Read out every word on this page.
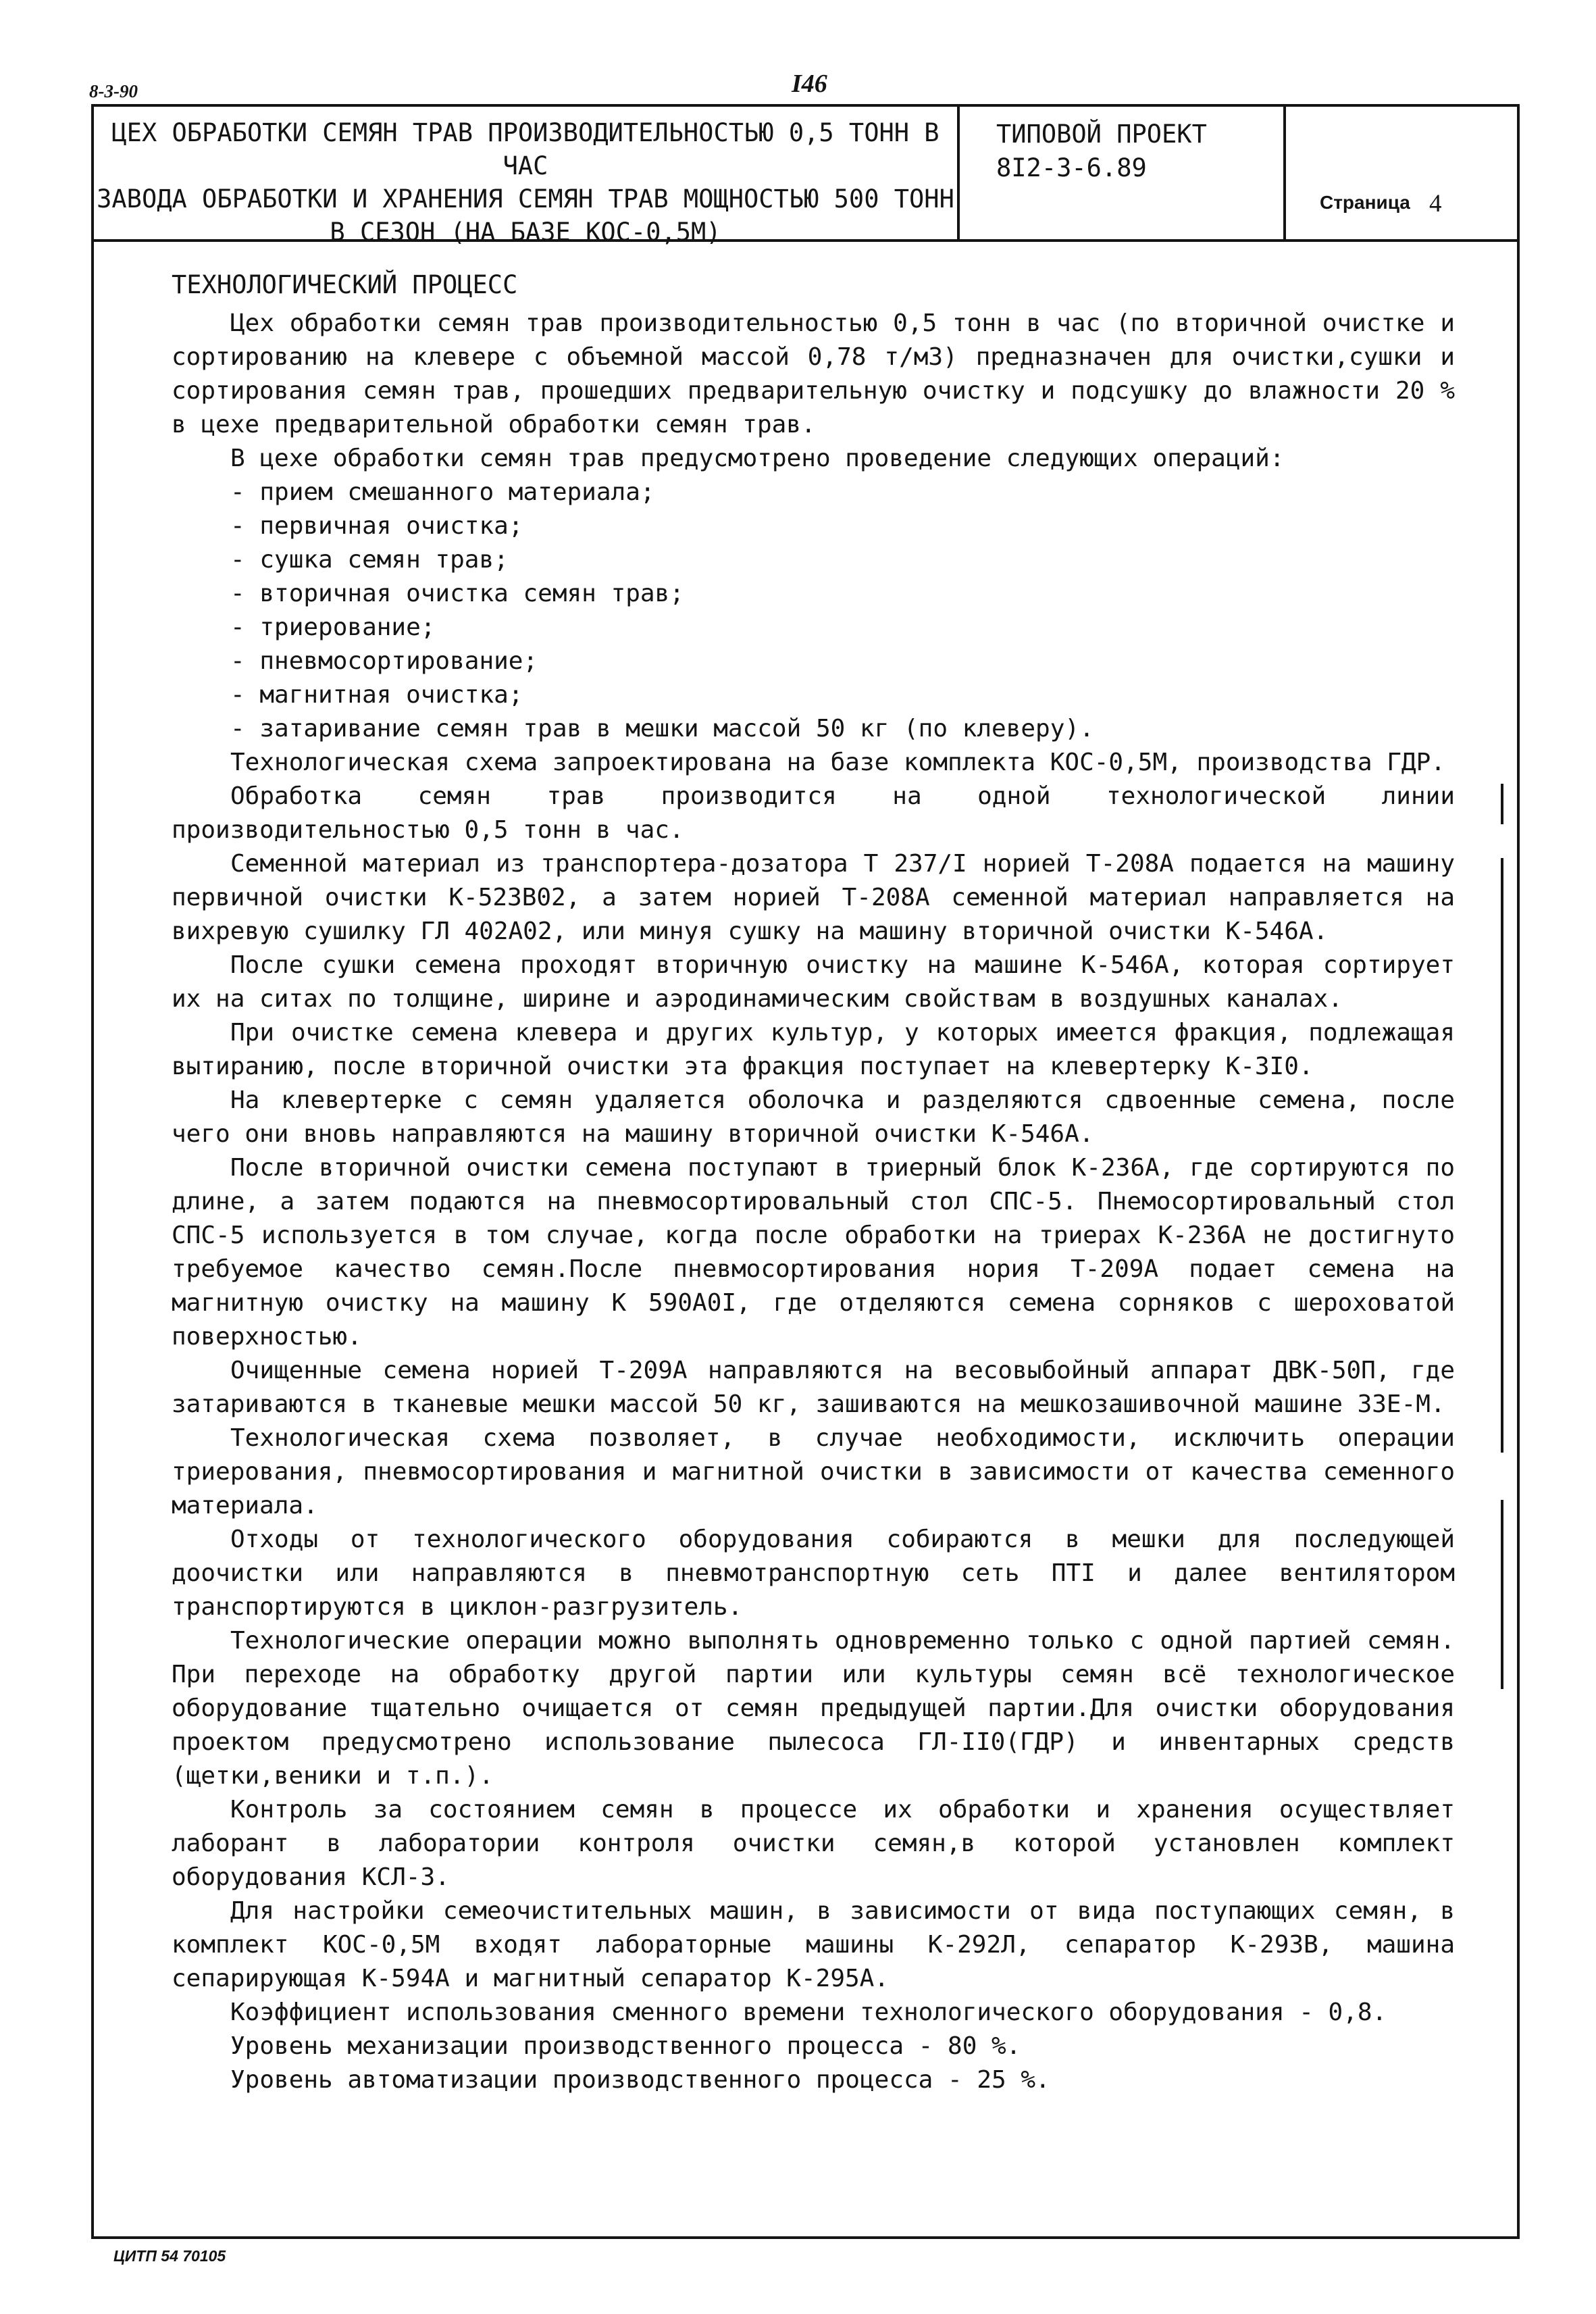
8-3-90	I46
ЦЕХ ОБРАБОТКИ СЕМЯН ТРАВ ПРОИЗВОДИТЕЛЬНОСТЬЮ 0,5 ТОНН В ЧАС
ЗАВОДА ОБРАБОТКИ И ХРАНЕНИЯ СЕМЯН ТРАВ МОЩНОСТЬЮ 500 ТОНН
В СЕЗОН (НА БАЗЕ КОС-0,5М)
ТИПОВОЙ ПРОЕКТ
8I2-3-6.89
Страница 4
ТЕХНОЛОГИЧЕСКИЙ ПРОЦЕСС

Цех обработки семян трав производительностью 0,5 тонн в час (по вторичной очистке и сортированию на клевере с объемной массой 0,78 т/м3) предназначен для очистки,сушки и сортирования семян трав, прошедших предварительную очистку и подсушку до влажности 20 % в цехе предварительной обработки семян трав.

В цехе обработки семян трав предусмотрено проведение следующих операций:

- прием смешанного материала;
- первичная очистка;
- сушка семян трав;
- вторичная очистка семян трав;
- триерование;
- пневмосортирование;
- магнитная очистка;
- затаривание семян трав в мешки массой 50 кг (по клеверу).

Технологическая схема запроектирована на базе комплекта КОС-0,5М, производства ГДР.

Обработка семян трав производится на одной технологической линии производительностью 0,5 тонн в час.

Семенной материал из транспортера-дозатора Т 237/I норией Т-208А подается на машину первичной очистки К-523В02, а затем норией Т-208А семенной материал направляется на вихревую сушилку ГЛ 402А02, или минуя сушку на машину вторичной очистки К-546А.

После сушки семена проходят вторичную очистку на машине К-546А, которая сортирует их на ситах по толщине, ширине и аэродинамическим свойствам в воздушных каналах.

При очистке семена клевера и других культур, у которых имеется фракция, подлежащая вытиранию, после вторичной очистки эта фракция поступает на клевертерку К-3I0.

На клевертерке с семян удаляется оболочка и разделяются сдвоенные семена, после чего они вновь направляются на машину вторичной очистки К-546А.

После вторичной очистки семена поступают в триерный блок К-236А, где сортируются по длине, а затем подаются на пневмосортировальный стол СПС-5. Пнемосортировальный стол СПС-5 используется в том случае, когда после обработки на триерах К-236А не достигнуто требуемое качество семян.После пневмосортирования нория Т-209А подает семена на магнитную очистку на машину К 590А0I, где отделяются семена сорняков с шероховатой поверхностью.

Очищенные семена норией Т-209А направляются на весовыбойный аппарат ДВК-50П, где затариваются в тканевые мешки массой 50 кг, зашиваются на мешкозашивочной машине 33Е-М.

Технологическая схема позволяет, в случае необходимости, исключить операции триерования, пневмосортирования и магнитной очистки в зависимости от качества семенного материала.

Отходы от технологического оборудования собираются в мешки для последующей доочистки или направляются в пневмотранспортную сеть ПТI и далее вентилятором транспортируются в циклон-разгрузитель.

Технологические операции можно выполнять одновременно только с одной партией семян. При переходе на обработку другой партии или культуры семян всё технологическое оборудование тщательно очищается от семян предыдущей партии.Для очистки оборудования проектом предусмотрено использование пылесоса ГЛ-II0(ГДР) и инвентарных средств (щетки,веники и т.п.).

Контроль за состоянием семян в процессе их обработки и хранения осуществляет лаборант в лаборатории контроля очистки семян,в которой установлен комплект оборудования КСЛ-3.

Для настройки семеочистительных машин, в зависимости от вида поступающих семян, в комплект КОС-0,5М входят лабораторные машины К-292Л, сепаратор К-293В, машина сепарирующая К-594А и магнитный сепаратор К-295А.

Коэффициент использования сменного времени технологического оборудования - 0,8.

Уровень механизации производственного процесса - 80 %.

Уровень автоматизации производственного процесса - 25 %.

ЦИТП 54 70105
